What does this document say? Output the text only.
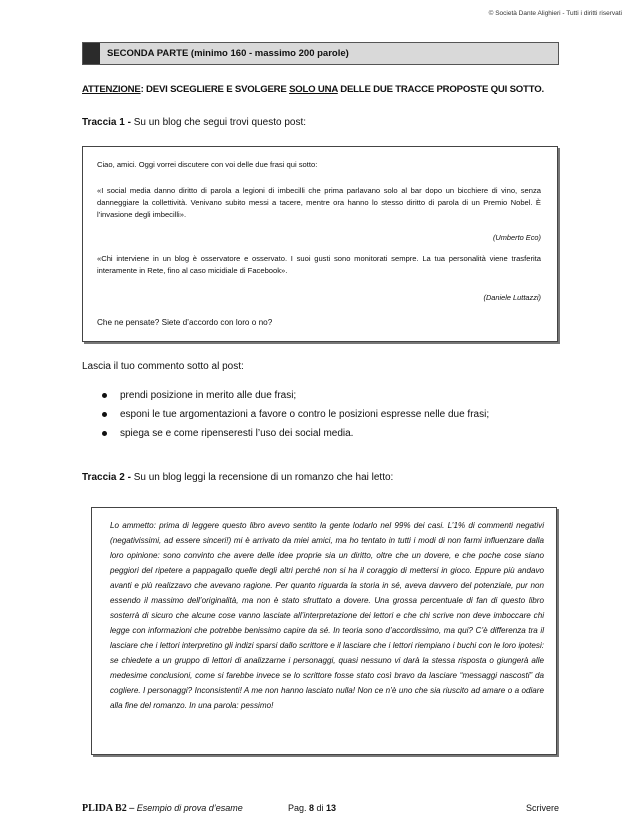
© Società Dante Alighieri - Tutti i diritti riservati
SECONDA PARTE (minimo 160 - massimo 200 parole)
ATTENZIONE: DEVI SCEGLIERE E SVOLGERE SOLO UNA DELLE DUE TRACCE PROPOSTE QUI SOTTO.
Traccia 1 - Su un blog che segui trovi questo post:
Ciao, amici. Oggi vorrei discutere con voi delle due frasi qui sotto:
«I social media danno diritto di parola a legioni di imbecilli che prima parlavano solo al bar dopo un bicchiere di vino, senza danneggiare la collettività. Venivano subito messi a tacere, mentre ora hanno lo stesso diritto di parola di un Premio Nobel. È l’invasione degli imbecilli».
(Umberto Eco)
«Chi interviene in un blog è osservatore e osservato. I suoi gusti sono monitorati sempre. La tua personalità viene trasferita interamente in Rete, fino al caso micidiale di Facebook».
(Daniele Luttazzi)
Che ne pensate? Siete d’accordo con loro o no?
Lascia il tuo commento sotto al post:
prendi posizione in merito alle due frasi;
esponi le tue argomentazioni a favore o contro le posizioni espresse nelle due frasi;
spiega se e come ripenseresti l’uso dei social media.
Traccia 2 - Su un blog leggi la recensione di un romanzo che hai letto:
Lo ammetto: prima di leggere questo libro avevo sentito la gente lodarlo nel 99% dei casi. L’1% di commenti negativi (negativissimi, ad essere sinceri!) mi è arrivato da miei amici, ma ho tentato in tutti i modi di non farmi influenzare dalla loro opinione: sono convinto che avere delle idee proprie sia un diritto, oltre che un dovere, e che poche cose siano peggiori del ripetere a pappagallo quelle degli altri perché non si ha il coraggio di mettersi in gioco. Eppure più andavo avanti e più realizzavo che avevano ragione. Per quanto riguarda la storia in sé, aveva davvero del potenziale, pur non essendo il massimo dell’originalità, ma non è stato sfruttato a dovere. Una grossa percentuale di fan di questo libro sosterrà di sicuro che alcune cose vanno lasciate all’interpretazione dei lettori e che chi scrive non deve imboccare chi legge con informazioni che potrebbe benissimo capire da sé. In teoria sono d’accordissimo, ma qui? C’è differenza tra il lasciare che i lettori interpretino gli indizi sparsi dallo scrittore e il lasciare che i lettori riempiano i buchi con le loro ipotesi: se chiedete a un gruppo di lettori di analizzarne i personaggi, quasi nessuno vi darà la stessa risposta o giungerà alle medesime conclusioni, come si farebbe invece se lo scrittore fosse stato così bravo da lasciare “messaggi nascosti” da cogliere. I personaggi? Inconsistenti! A me non hanno lasciato nulla! Non ce n’è uno che sia riuscito ad amare o a odiare alla fine del romanzo. In una parola: pessimo!
PLIDA B2 – Esempio di prova d’esame	Pag. 8 di 13	Scrivere
